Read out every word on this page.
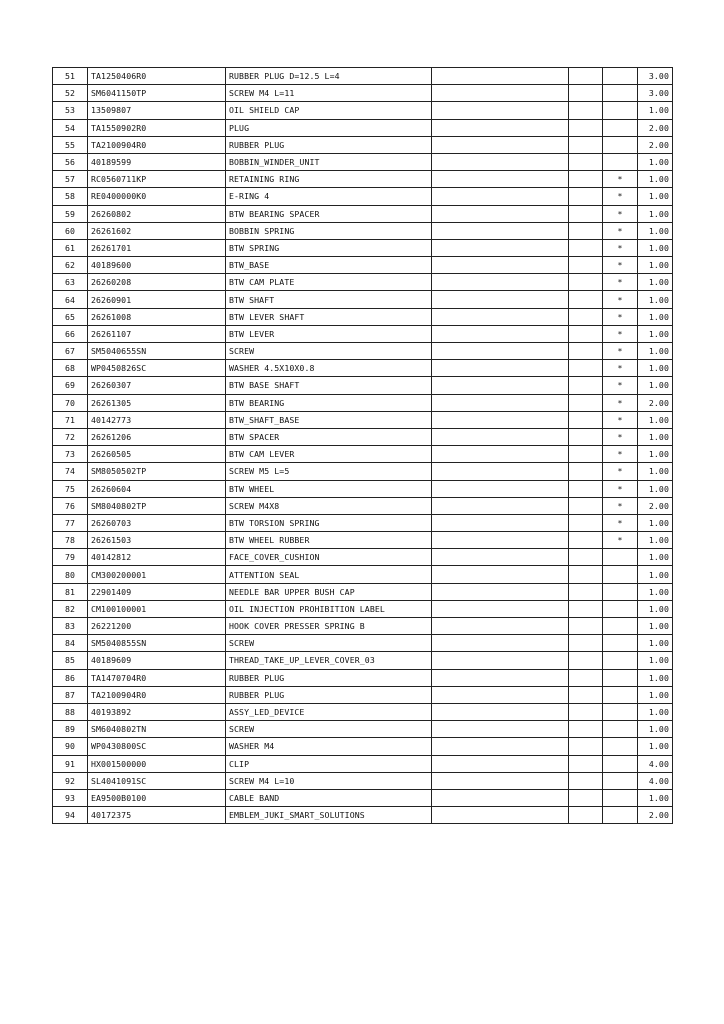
51	TA1250406R0	RUBBER PLUG D=12.5 L=4				3.00
52	SM6041150TP	SCREW M4 L=11				3.00
53	13509807	OIL SHIELD CAP				1.00
54	TA1550902R0	PLUG				2.00
55	TA2100904R0	RUBBER PLUG				2.00
56	40189599	BOBBIN_WINDER_UNIT				1.00
57	RC0560711KP	RETAINING RING			*	1.00
58	RE0400000K0	E-RING 4			*	1.00
59	26260802	BTW BEARING SPACER			*	1.00
60	26261602	BOBBIN SPRING			*	1.00
61	26261701	BTW SPRING			*	1.00
62	40189600	BTW_BASE			*	1.00
63	26260208	BTW CAM PLATE			*	1.00
64	26260901	BTW SHAFT			*	1.00
65	26261008	BTW LEVER SHAFT			*	1.00
66	26261107	BTW LEVER			*	1.00
67	SM5040655SN	SCREW			*	1.00
68	WP0450826SC	WASHER 4.5X10X0.8			*	1.00
69	26260307	BTW BASE SHAFT			*	1.00
70	26261305	BTW BEARING			*	2.00
71	40142773	BTW_SHAFT_BASE			*	1.00
72	26261206	BTW SPACER			*	1.00
73	26260505	BTW CAM LEVER			*	1.00
74	SM8050502TP	SCREW M5 L=5			*	1.00
75	26260604	BTW WHEEL			*	1.00
76	SM8040802TP	SCREW M4X8			*	2.00
77	26260703	BTW TORSION SPRING			*	1.00
78	26261503	BTW WHEEL RUBBER			*	1.00
79	40142812	FACE_COVER_CUSHION				1.00
80	CM300200001	ATTENTION SEAL				1.00
81	22901409	NEEDLE BAR UPPER BUSH CAP				1.00
82	CM100100001	OIL INJECTION PROHIBITION LABEL				1.00
83	26221200	HOOK COVER PRESSER SPRING B				1.00
84	SM5040855SN	SCREW				1.00
85	40189609	THREAD_TAKE_UP_LEVER_COVER_03				1.00
86	TA1470704R0	RUBBER PLUG				1.00
87	TA2100904R0	RUBBER PLUG				1.00
88	40193892	ASSY_LED_DEVICE				1.00
89	SM6040802TN	SCREW				1.00
90	WP0430800SC	WASHER M4				1.00
91	HX001500000	CLIP				4.00
92	SL4041091SC	SCREW M4 L=10				4.00
93	EA9500B0100	CABLE BAND				1.00
94	40172375	EMBLEM_JUKI_SMART_SOLUTIONS				2.00
